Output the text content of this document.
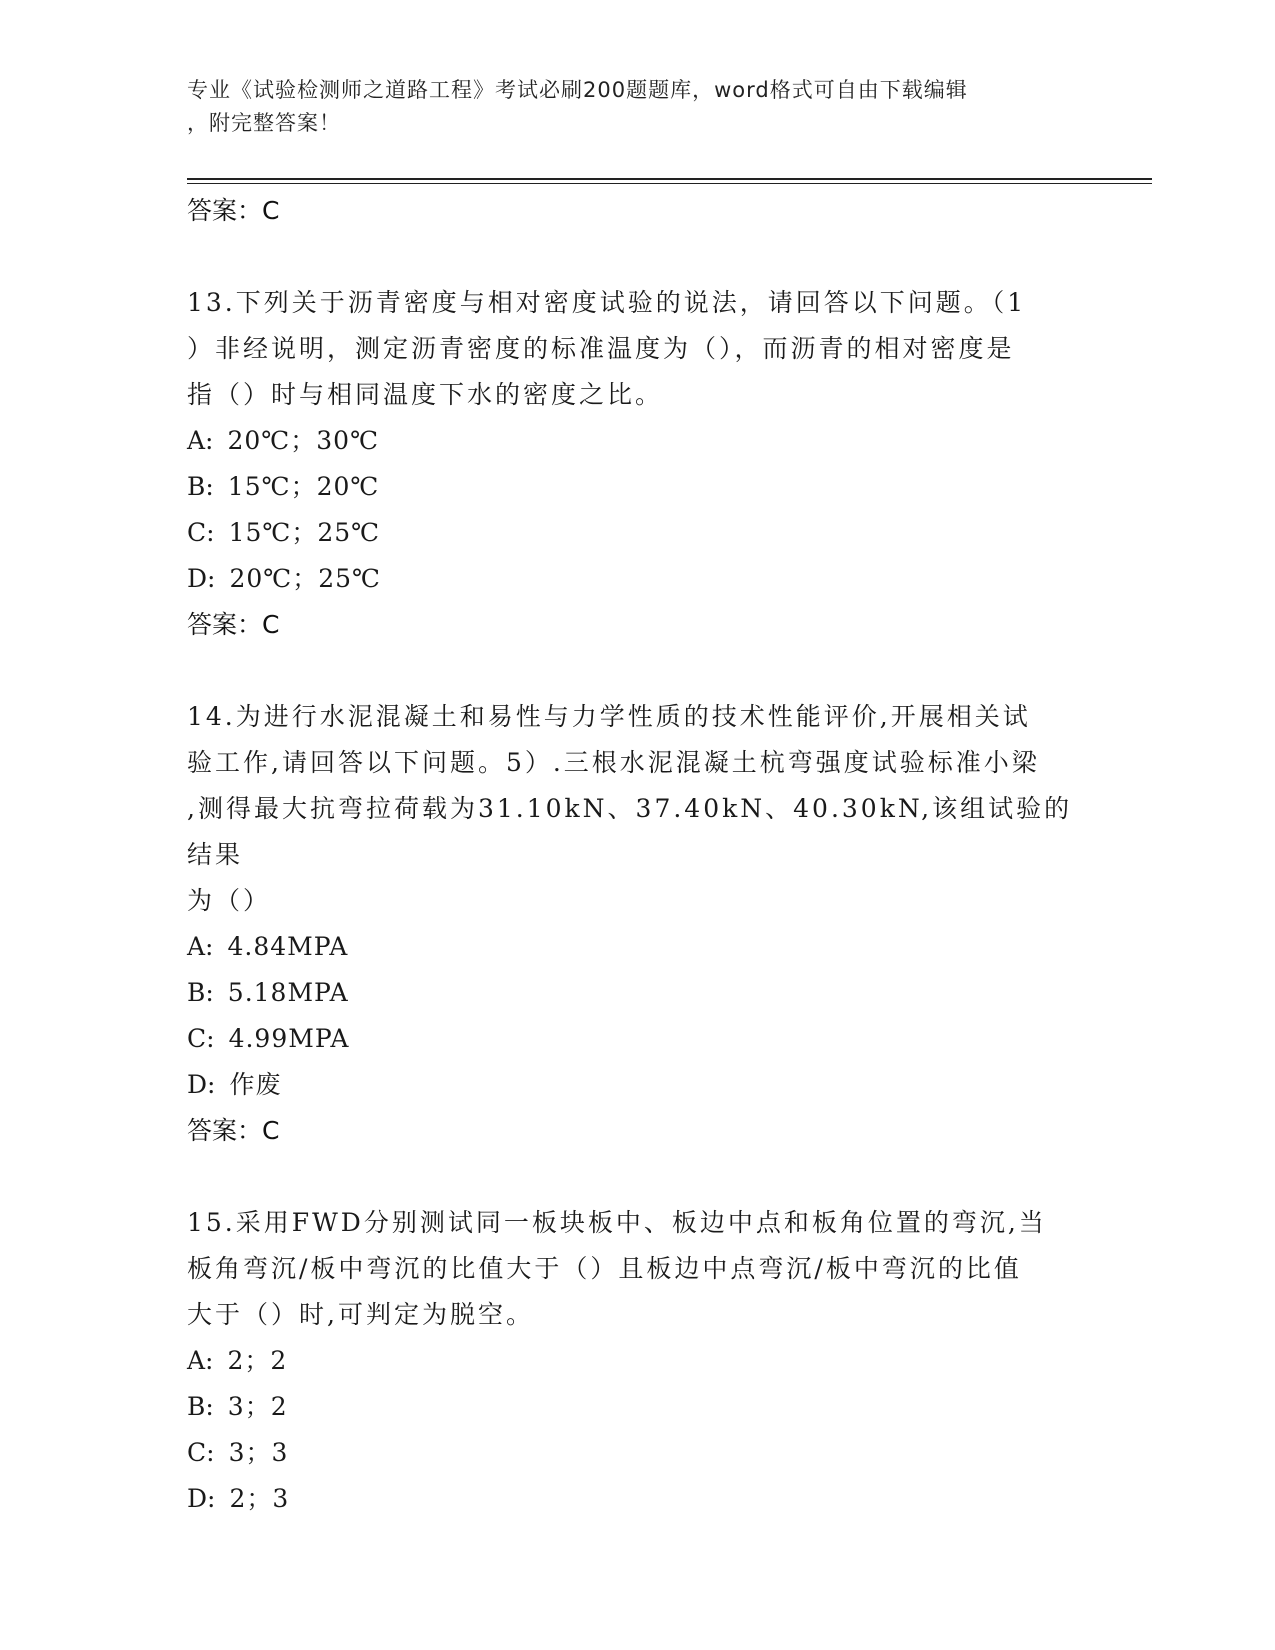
专业《试验检测师之道路工程》考试必刷200题题库，word格式可自由下载编辑
，附完整答案！

答案：C

13.下列关于沥青密度与相对密度试验的说法，请回答以下问题。（1
）非经说明，测定沥青密度的标准温度为（），而沥青的相对密度是
指（）时与相同温度下水的密度之比。

A: 20℃；30℃

B: 15℃；20℃

C: 15℃；25℃

D: 20℃；25℃

答案：C

14.为进行水泥混凝土和易性与力学性质的技术性能评价,开展相关试
验工作,请回答以下问题。5）.三根水泥混凝土杭弯强度试验标准小梁
,测得最大抗弯拉荷载为31.10kN、37.40kN、40.30kN,该组试验的结果
为（）

A: 4.84MPA

B: 5.18MPA

C: 4.99MPA

D: 作废

答案：C

15.采用FWD分别测试同一板块板中、板边中点和板角位置的弯沉,当
板角弯沉/板中弯沉的比值大于（）且板边中点弯沉/板中弯沉的比值
大于（）时,可判定为脱空。

A: 2；2

B: 3；2

C: 3；3

D: 2；3
